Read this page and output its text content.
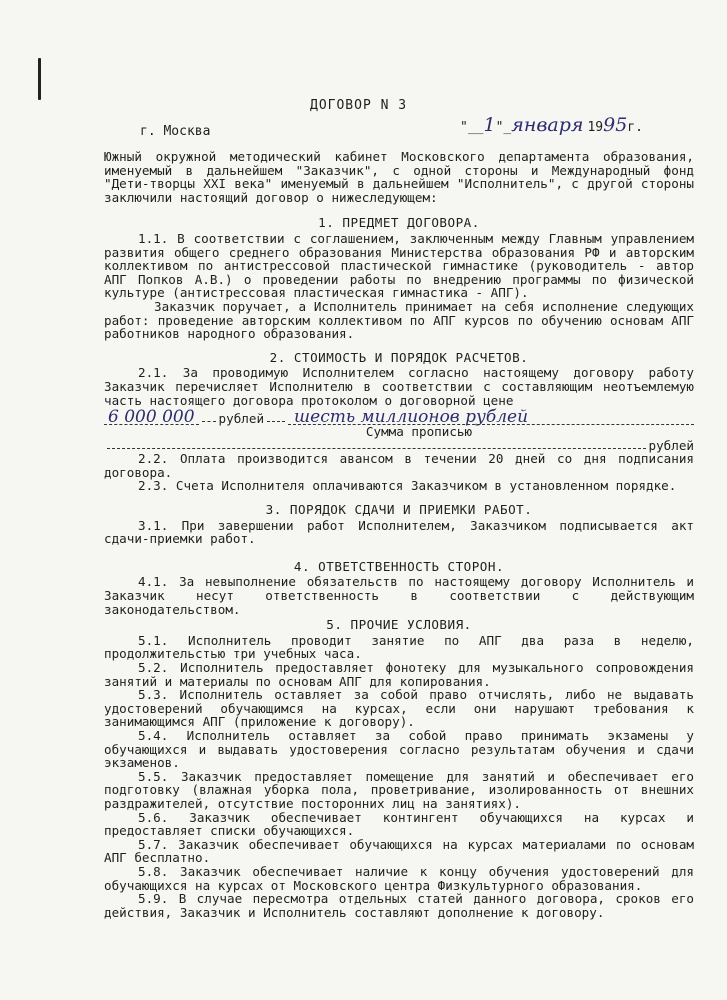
ДОГОВОР N 3
г. Москва	"__1"_января 1995г.

Южный окружной методический кабинет Московского департамента образования, именуемый в дальнейшем "Заказчик", с одной стороны и Международный фонд "Дети-творцы XXI века" именуемый в дальнейшем "Исполнитель", с другой стороны заключили настоящий договор о нижеследующем:

1. ПРЕДМЕТ ДОГОВОРА.

1.1. В соответствии с соглашением, заключенным между Главным управлением развития общего среднего образования Министерства образования РФ и авторским коллективом по антистрессовой пластической гимнастике (руководитель - автор АПГ Попков А.В.) о проведении работы по внедрению программы по физической культуре (антистрессовая пластическая гимнастика - АПГ).

Заказчик поручает, а Исполнитель принимает на себя исполнение следующих работ: проведение авторским коллективом по АПГ курсов по обучению основам АПГ работников народного образования.

2. СТОИМОСТЬ И ПОРЯДОК РАСЧЕТОВ.

2.1. За проводимую Исполнителем согласно настоящему договору работу Заказчик перечисляет Исполнителю в соответствии с составляющим неотъемлемую часть настоящего договора протоколом о договорной цене

6 000 000	рублей	шесть миллионов рублей
Сумма прописью
рублей

2.2. Оплата производится авансом в течении 20 дней со дня подписания договора.

2.3. Счета Исполнителя оплачиваются Заказчиком в установленном порядке.

3. ПОРЯДОК СДАЧИ И ПРИЕМКИ РАБОТ.

3.1. При завершении работ Исполнителем, Заказчиком подписывается акт сдачи-приемки работ.

4. ОТВЕТСТВЕННОСТЬ СТОРОН.

4.1. За невыполнение обязательств по настоящему договору Исполнитель и Заказчик несут ответственность в соответствии с действующим законодательством.

5. ПРОЧИЕ УСЛОВИЯ.

5.1. Исполнитель проводит занятие по АПГ два раза в неделю, продолжительстью три учебных часа.

5.2. Исполнитель предоставляет фонотеку для музыкального сопровождения занятий и материалы по основам АПГ для копирования.

5.3. Исполнитель оставляет за собой право отчислять, либо не выдавать удостоверений обучающимся на курсах, если они нарушают требования к занимающимся АПГ (приложение к договору).

5.4. Исполнитель оставляет за собой право принимать экзамены у обучающихся и выдавать удостоверения согласно результатам обучения и сдачи экзаменов.

5.5. Заказчик предоставляет помещение для занятий и обеспечивает его подготовку (влажная уборка пола, проветривание, изолированность от внешних раздражителей, отсутствие посторонних лиц на занятиях).

5.6. Заказчик обеспечивает контингент обучающихся на курсах и предоставляет списки обучающихся.

5.7. Заказчик обеспечивает обучающихся на курсах материалами по основам АПГ бесплатно.

5.8. Заказчик обеспечивает наличие к концу обучения удостоверений для обучающихся на курсах от Московского центра Физкультурного образования.

5.9. В случае пересмотра отдельных статей данного договора, сроков его действия, Заказчик и Исполнитель составляют дополнение к договору.
